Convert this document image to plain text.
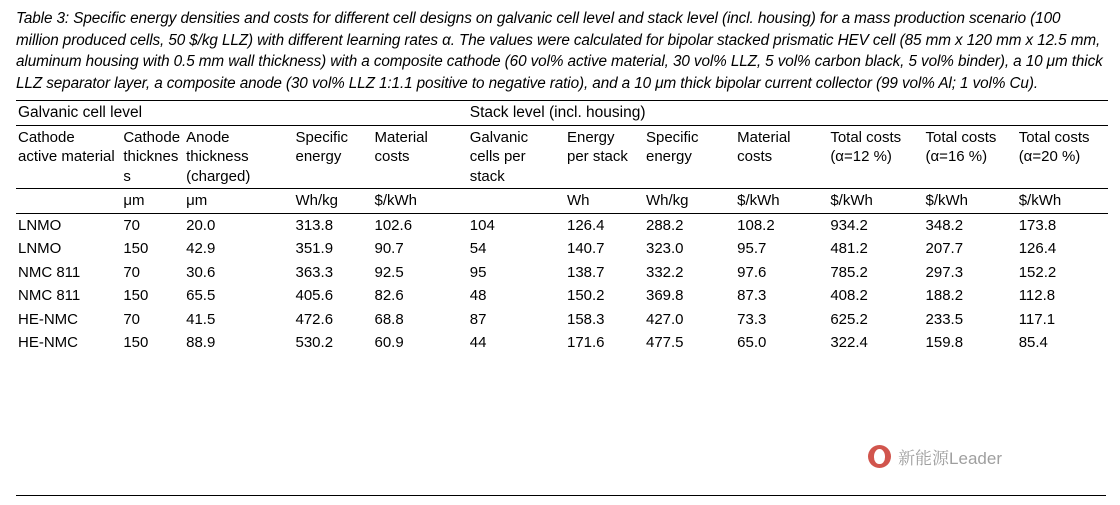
Table 3: Specific energy densities and costs for different cell designs on galvanic cell level and stack level (incl. housing) for a mass production scenario (100 million produced cells, 50 $/kg LLZ) with different learning rates α. The values were calculated for bipolar stacked prismatic HEV cell (85 mm x 120 mm x 12.5 mm, aluminum housing with 0.5 mm wall thickness) with a composite cathode (60 vol% active material, 30 vol% LLZ, 5 vol% carbon black, 5 vol% binder), a 10 μm thick LLZ separator layer, a composite anode (30 vol% LLZ 1:1.1 positive to negative ratio), and a 10 μm thick bipolar current collector (99 vol% Al; 1 vol% Cu).

Galvanic cell level					Stack level (incl. housing)						
Cathode active material	Cathode thickness	Anode thickness (charged)	Specific energy	Material costs	Galvanic cells per stack	Energy per stack	Specific energy	Material costs	Total costs (α=12 %)	Total costs (α=16 %)	Total costs (α=20 %)
	μm	μm	Wh/kg	$/kWh		Wh	Wh/kg	$/kWh	$/kWh	$/kWh	$/kWh
LNMO	70	20.0	313.8	102.6	104	126.4	288.2	108.2	934.2	348.2	173.8
LNMO	150	42.9	351.9	90.7	54	140.7	323.0	95.7	481.2	207.7	126.4
NMC 811	70	30.6	363.3	92.5	95	138.7	332.2	97.6	785.2	297.3	152.2
NMC 811	150	65.5	405.6	82.6	48	150.2	369.8	87.3	408.2	188.2	112.8
HE-NMC	70	41.5	472.6	68.8	87	158.3	427.0	73.3	625.2	233.5	117.1
HE-NMC	150	88.9	530.2	60.9	44	171.6	477.5	65.0	322.4	159.8	85.4
新能源Leader
